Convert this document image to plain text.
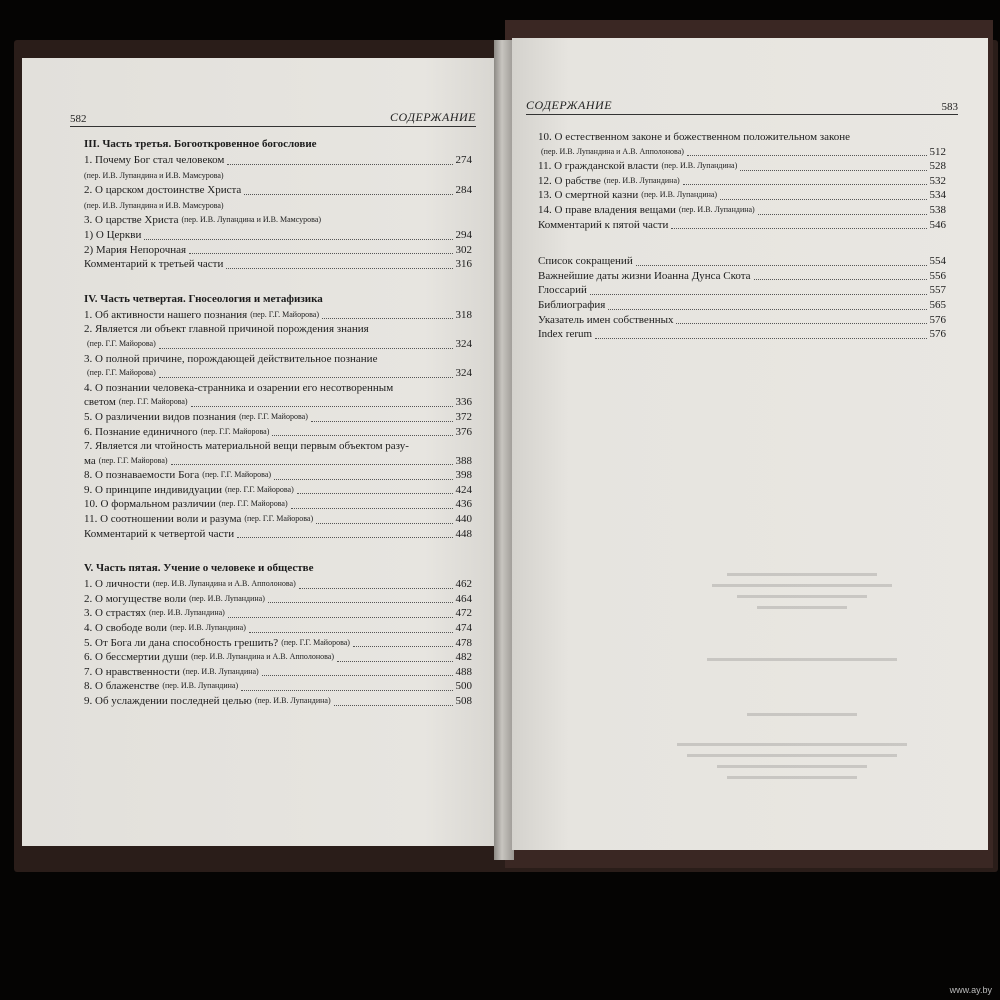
582	СОДЕРЖАНИЕ
III. Часть третья. Богооткровенное богословие
1. Почему Бог стал человеком	274
(пер. И.В. Лупандина и И.В. Мамсурова)
2. О царском достоинстве Христа	284
(пер. И.В. Лупандина и И.В. Мамсурова)
3. О царстве Христа (пер. И.В. Лупандина и И.В. Мамсурова)
1) О Церкви	294
2) Мария Непорочная	302
Комментарий к третьей части	316
IV. Часть четвертая. Гносеология и метафизика
1. Об активности нашего познания (пер. Г.Г. Майорова)	318
2. Является ли объект главной причиной порождения знания
(пер. Г.Г. Майорова)	324
3. О полной причине, порождающей действительное познание
(пер. Г.Г. Майорова)	324
4. О познании человека-странника и озарении его несотворенным
светом (пер. Г.Г. Майорова)	336
5. О различении видов познания (пер. Г.Г. Майорова)	372
6. Познание единичного (пер. Г.Г. Майорова)	376
7. Является ли чтойность материальной вещи первым объектом разу-
ма (пер. Г.Г. Майорова)	388
8. О познаваемости Бога (пер. Г.Г. Майорова)	398
9. О принципе индивидуации (пер. Г.Г. Майорова)	424
10. О формальном различии (пер. Г.Г. Майорова)	436
11. О соотношении воли и разума (пер. Г.Г. Майорова)	440
Комментарий к четвертой части	448
V. Часть пятая. Учение о человеке и обществе
1. О личности (пер. И.В. Лупандина и А.В. Апполонова)	462
2. О могуществе воли (пер. И.В. Лупандина)	464
3. О страстях (пер. И.В. Лупандина)	472
4. О свободе воли (пер. И.В. Лупандина)	474
5. От Бога ли дана способность грешить? (пер. Г.Г. Майорова)	478
6. О бессмертии души (пер. И.В. Лупандина и А.В. Апполонова)	482
7. О нравственности (пер. И.В. Лупандина)	488
8. О блаженстве (пер. И.В. Лупандина)	500
9. Об услаждении последней целью (пер. И.В. Лупандина)	508
СОДЕРЖАНИЕ	583
10. О естественном законе и божественном положительном законе
(пер. И.В. Лупандина и А.В. Апполонова)	512
11. О гражданской власти (пер. И.В. Лупандина)	528
12. О рабстве (пер. И.В. Лупандина)	532
13. О смертной казни (пер. И.В. Лупандина)	534
14. О праве владения вещами (пер. И.В. Лупандина)	538
Комментарий к пятой части	546
Список сокращений	554
Важнейшие даты жизни Иоанна Дунса Скота	556
Глоссарий	557
Библиография	565
Указатель имен собственных	576
Index rerum	576
▬▬▬▬▬▬▬▬▬▬▬▬▬▬▬
▬▬▬▬▬▬▬▬▬▬▬▬▬▬▬▬▬▬
▬▬▬▬▬▬▬▬▬▬▬▬▬
▬▬▬▬▬▬▬▬▬
▬▬▬▬▬▬▬▬▬▬▬▬▬▬▬▬▬▬▬
▬▬▬▬▬▬▬▬▬▬▬
▬▬▬▬▬▬▬▬▬▬▬▬▬▬▬▬▬▬▬▬▬▬▬
▬▬▬▬▬▬▬▬▬▬▬▬▬▬▬▬▬▬▬▬▬
▬▬▬▬▬▬▬▬▬▬▬▬▬▬▬
▬▬▬▬▬▬▬▬▬▬▬▬▬
www.ay.by
